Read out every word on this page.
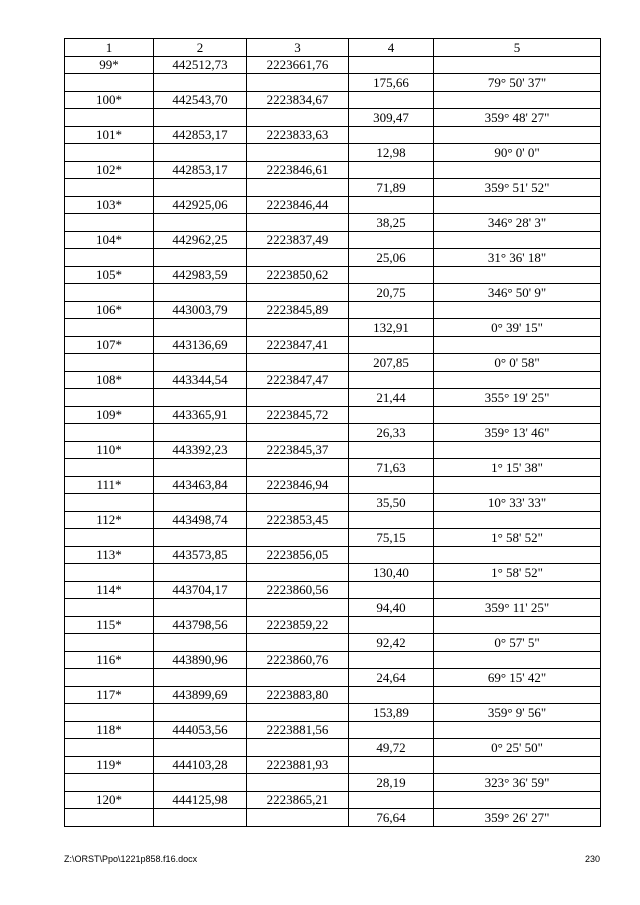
1	2	3	4	5
99*	442512,73	2223661,76		
			175,66	79° 50' 37"
100*	442543,70	2223834,67		
			309,47	359° 48' 27"
101*	442853,17	2223833,63		
			12,98	90° 0' 0"
102*	442853,17	2223846,61		
			71,89	359° 51' 52"
103*	442925,06	2223846,44		
			38,25	346° 28' 3"
104*	442962,25	2223837,49		
			25,06	31° 36' 18"
105*	442983,59	2223850,62		
			20,75	346° 50' 9"
106*	443003,79	2223845,89		
			132,91	0° 39' 15"
107*	443136,69	2223847,41		
			207,85	0° 0' 58"
108*	443344,54	2223847,47		
			21,44	355° 19' 25"
109*	443365,91	2223845,72		
			26,33	359° 13' 46"
110*	443392,23	2223845,37		
			71,63	1° 15' 38"
111*	443463,84	2223846,94		
			35,50	10° 33' 33"
112*	443498,74	2223853,45		
			75,15	1° 58' 52"
113*	443573,85	2223856,05		
			130,40	1° 58' 52"
114*	443704,17	2223860,56		
			94,40	359° 11' 25"
115*	443798,56	2223859,22		
			92,42	0° 57' 5"
116*	443890,96	2223860,76		
			24,64	69° 15' 42"
117*	443899,69	2223883,80		
			153,89	359° 9' 56"
118*	444053,56	2223881,56		
			49,72	0° 25' 50"
119*	444103,28	2223881,93		
			28,19	323° 36' 59"
120*	444125,98	2223865,21		
			76,64	359° 26' 27"
Z:\ORST\Ppo\1221p858.f16.docx	230
